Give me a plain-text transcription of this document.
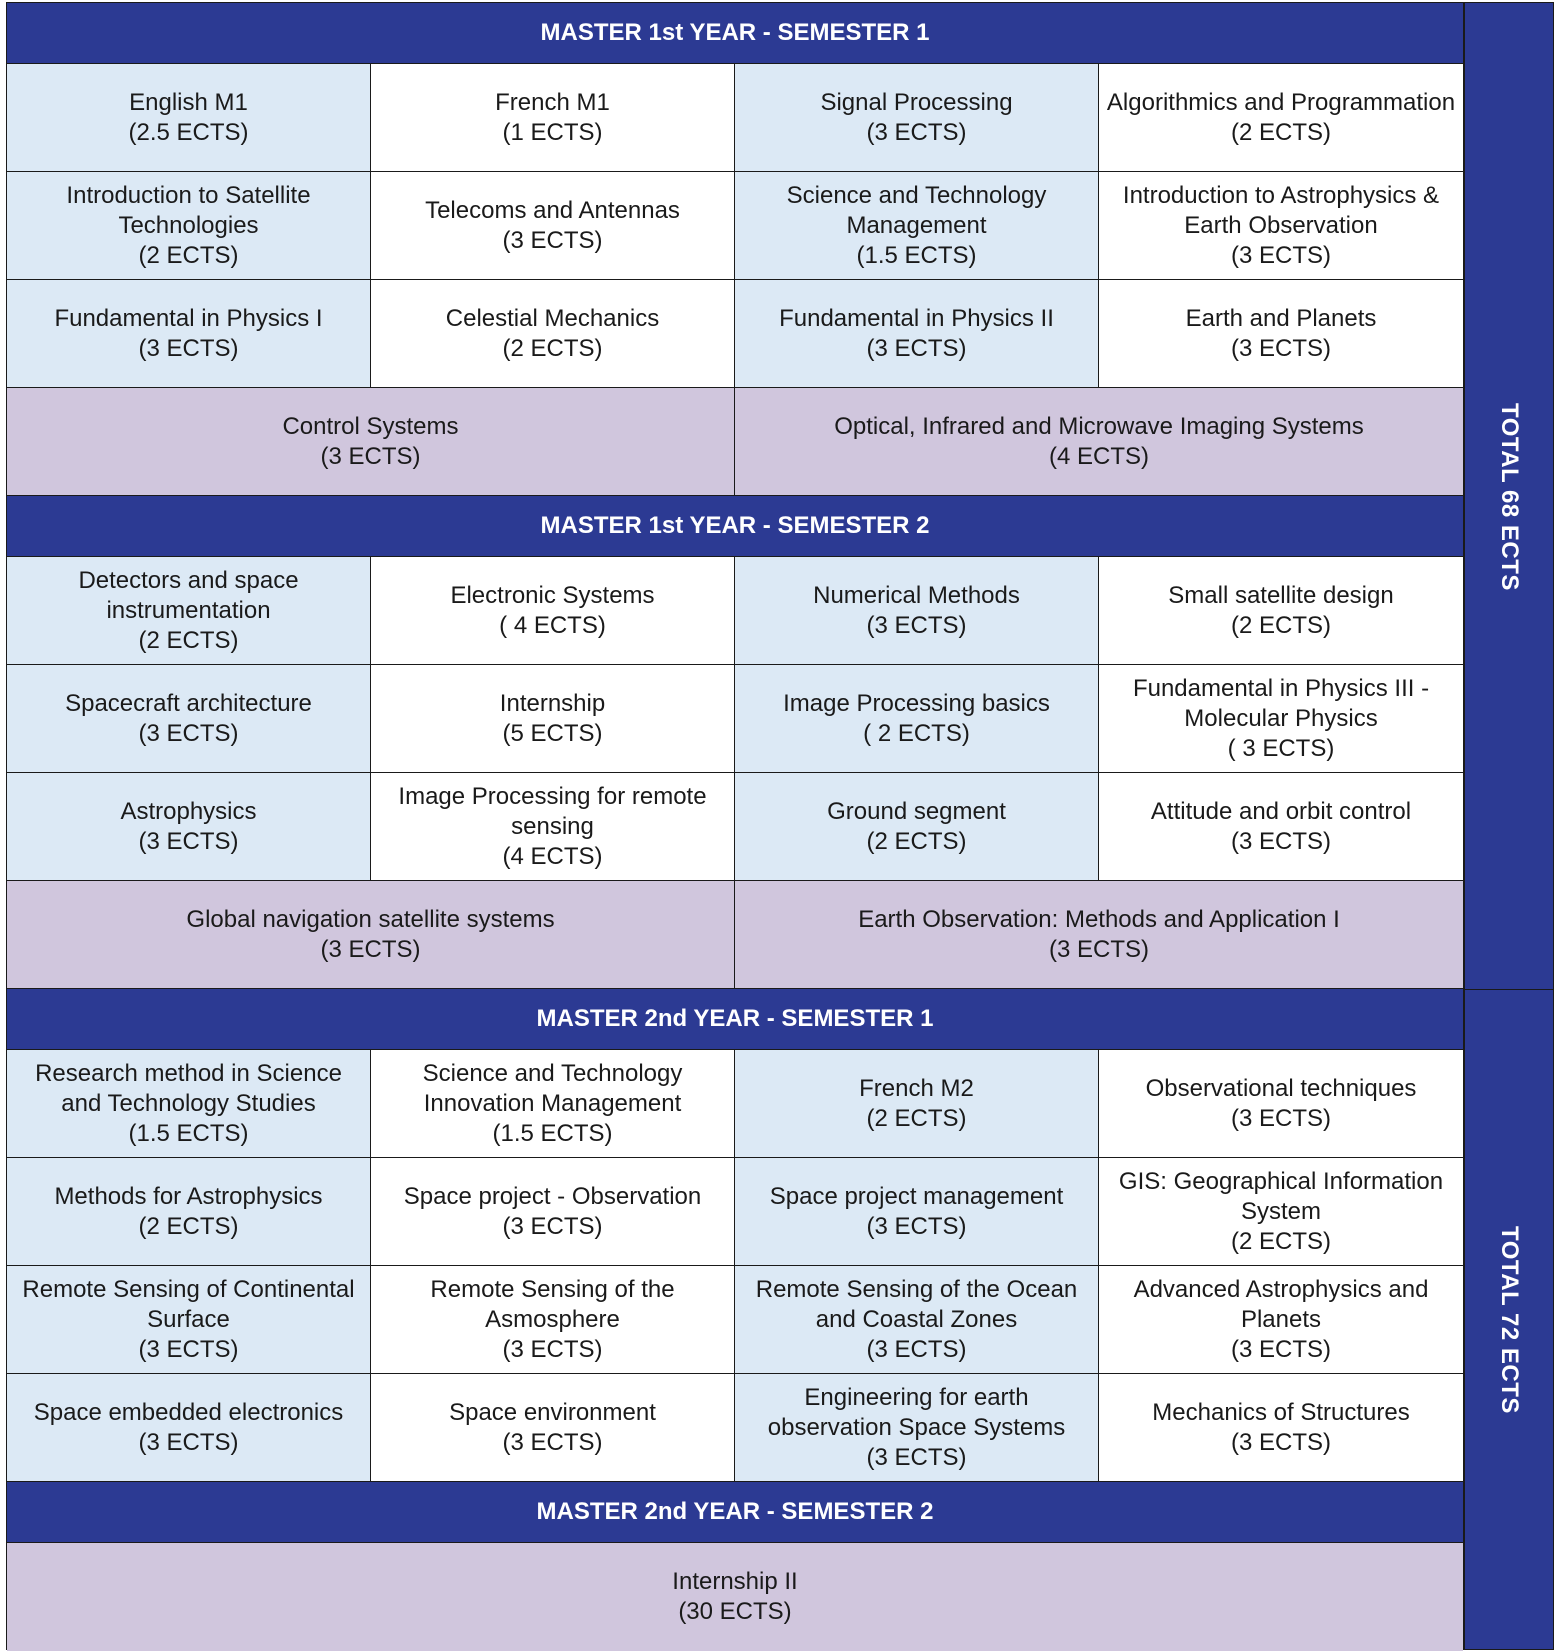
MASTER 1st YEAR - SEMESTER 1
English M1
(2.5 ECTS)
French M1
(1 ECTS)
Signal Processing
(3 ECTS)
Algorithmics and Programmation
(2 ECTS)
Introduction to Satellite
Technologies
(2 ECTS)
Telecoms and Antennas
(3 ECTS)
Science and Technology
Management
(1.5 ECTS)
Introduction to Astrophysics &
Earth Observation
(3 ECTS)
Fundamental in Physics I
(3 ECTS)
Celestial Mechanics
(2 ECTS)
Fundamental in Physics II
(3 ECTS)
Earth and Planets
(3 ECTS)
Control Systems
(3 ECTS)
Optical, Infrared and Microwave Imaging Systems
(4 ECTS)
MASTER 1st YEAR - SEMESTER 2
Detectors and space
instrumentation
(2 ECTS)
Electronic Systems
( 4 ECTS)
Numerical Methods
(3 ECTS)
Small satellite design
(2 ECTS)
Spacecraft architecture
(3 ECTS)
Internship
(5 ECTS)
Image Processing basics
( 2 ECTS)
Fundamental in Physics III -
Molecular Physics
( 3 ECTS)
Astrophysics
(3 ECTS)
Image Processing for remote
sensing
(4 ECTS)
Ground segment
(2 ECTS)
Attitude and orbit control
(3 ECTS)
Global navigation satellite systems
(3 ECTS)
Earth Observation: Methods and Application I
(3 ECTS)
MASTER 2nd YEAR - SEMESTER 1
Research method in Science
and Technology Studies
(1.5 ECTS)
Science and Technology
Innovation Management
(1.5 ECTS)
French M2
(2 ECTS)
Observational techniques
(3 ECTS)
Methods for Astrophysics
(2 ECTS)
Space project - Observation
(3 ECTS)
Space project management
(3 ECTS)
GIS: Geographical Information
System
(2 ECTS)
Remote Sensing of Continental
Surface
(3 ECTS)
Remote Sensing of the
Asmosphere
(3 ECTS)
Remote Sensing of the Ocean
and Coastal Zones
(3 ECTS)
Advanced Astrophysics and
Planets
(3 ECTS)
Space embedded electronics
(3 ECTS)
Space environment
(3 ECTS)
Engineering for earth
observation Space Systems
(3 ECTS)
Mechanics of Structures
(3 ECTS)
MASTER 2nd YEAR - SEMESTER 2
Internship II
(30 ECTS)
TOTAL 68 ECTS
TOTAL 72 ECTS
